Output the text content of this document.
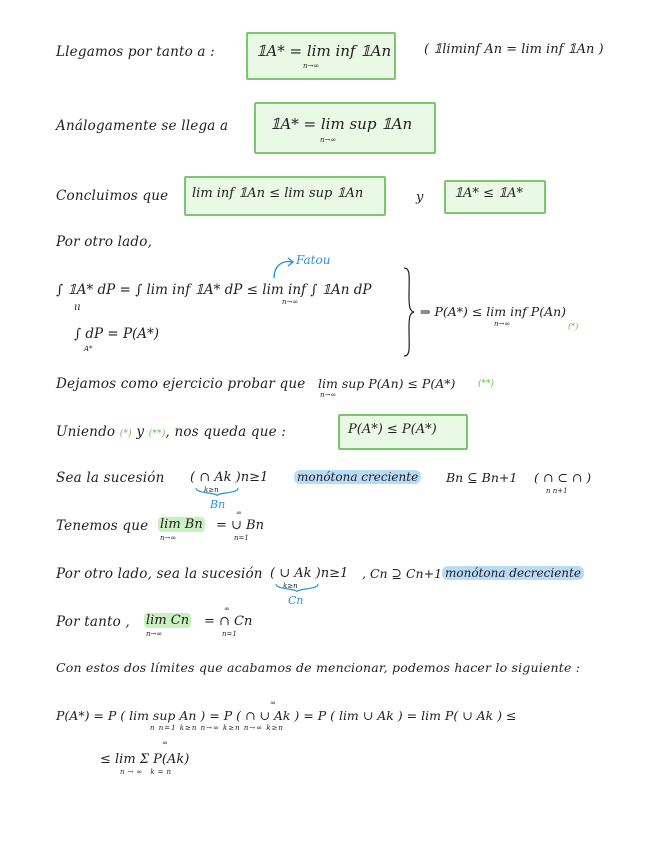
Llegamos por tanto a :	𝟙A* = lim inf 𝟙An
n→∞
( 𝟙liminf An = lim inf 𝟙An )
Análogamente se llega a	𝟙A* = lim sup 𝟙An
n→∞
Concluimos que lim inf 𝟙An ≤ lim sup 𝟙An	y 𝟙A* ≤ 𝟙A*
Por otro lado,
Fatou
∫ 𝟙A* dP = ∫ lim inf 𝟙A* dP ≤ lim inf ∫ 𝟙An dP
n→∞
ıı
∫ dP = P(A*)
A*
⇒ P(A*) ≤ lim inf P(An)
n→∞	(*)
Dejamos como ejercicio probar que lim sup P(An) ≤ P(A*)
n→∞
(**)
Uniendo (*) y (**), nos queda que :	P(A*) ≤ P(A*)
Sea la sucesión ( ∩ Ak )n≥1
k≥n
monótona creciente Bn ⊆ Bn+1 ( ∩ ⊂ ∩ )
n n+1
Bn
Tenemos que lim Bn
n→∞
= ∪ Bn
∞
n=1
Por otro lado, sea la sucesión ( ∪ Ak )n≥1
k≥n
, Cn ⊇ Cn+1 monótona decreciente
Cn
Por tanto , lim Cn
n→∞
= ∩ Cn
∞
n=1
Con estos dos límites que acabamos de mencionar, podemos hacer lo siguiente :
P(A*) = P ( lim sup An ) = P ( ∩ ∪ Ak ) = P ( lim ∪ Ak ) = lim P( ∪ Ak ) ≤
∞
n n=1 k≥n n→∞ k≥n n→∞ k≥n
≤ lim Σ P(Ak)
∞
n→∞ k=n
